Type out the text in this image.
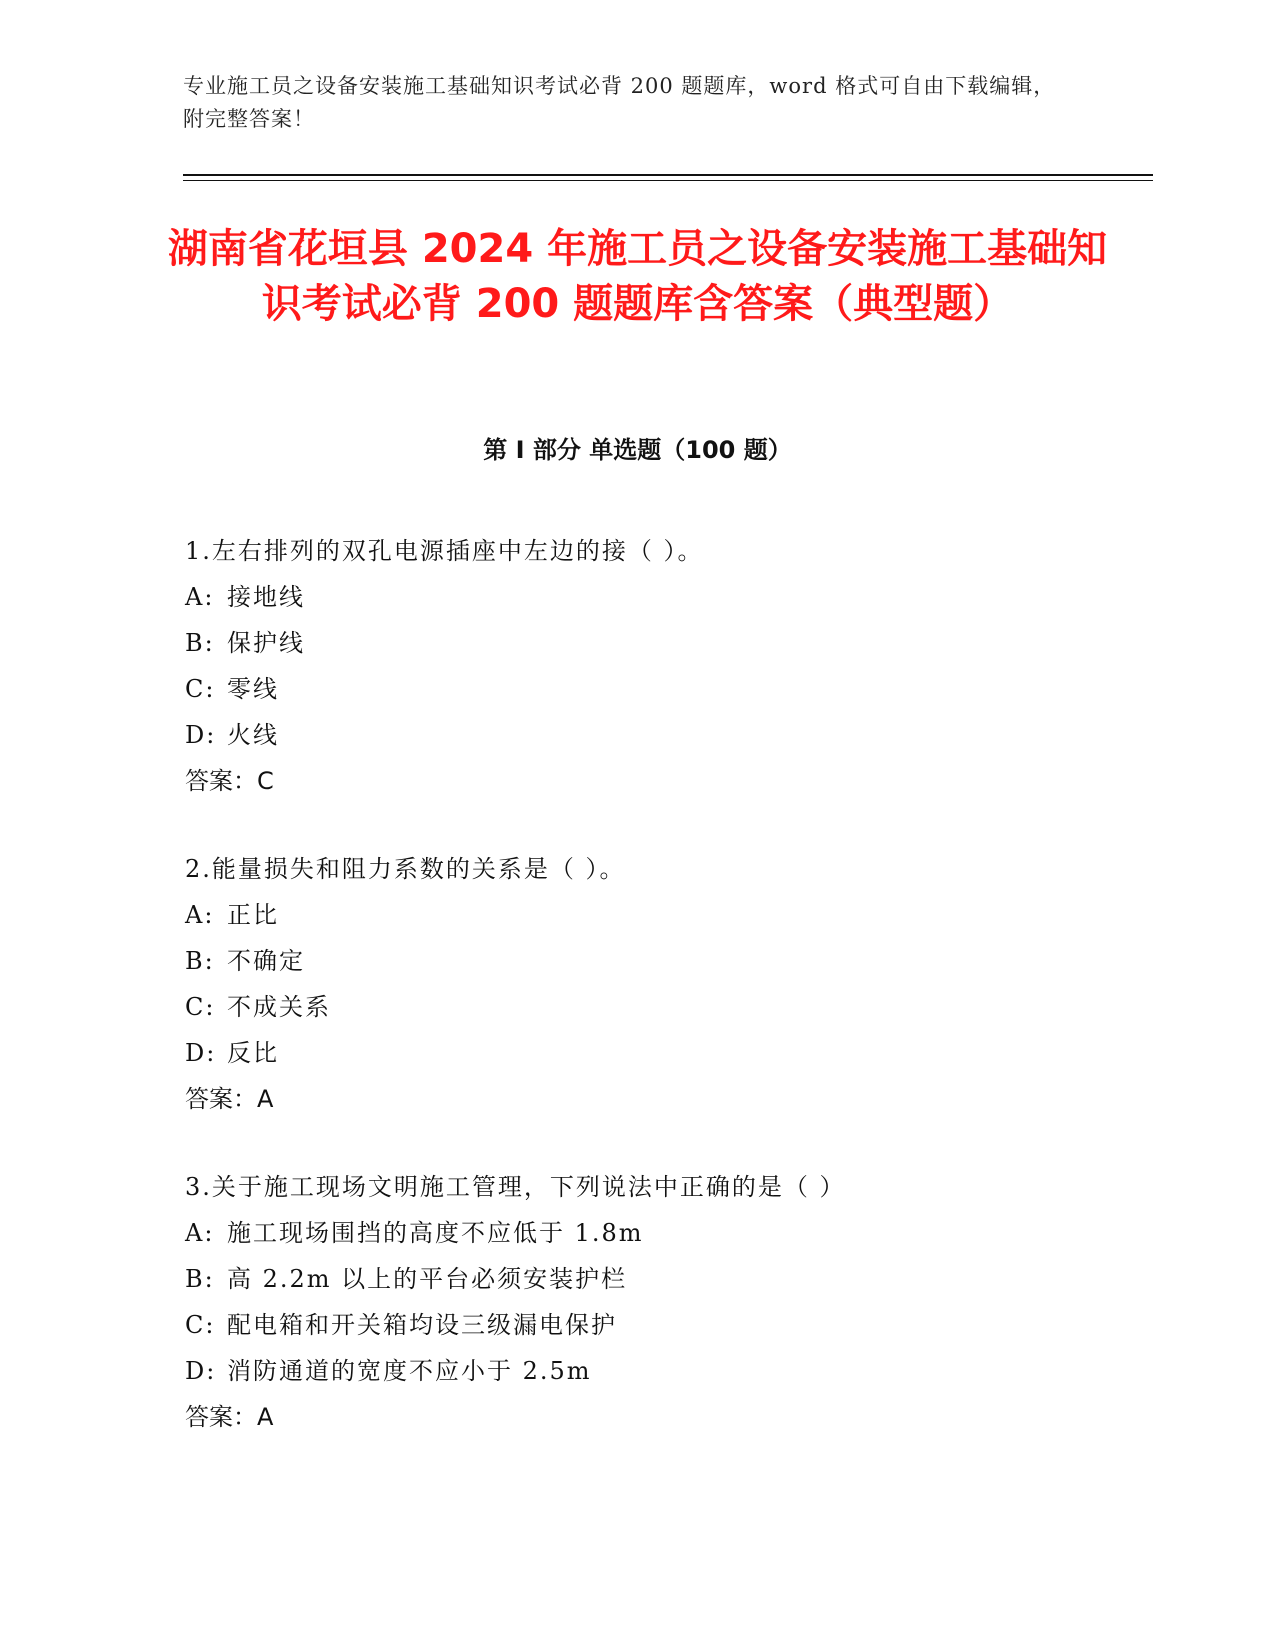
专业施工员之设备安装施工基础知识考试必背 200 题题库，word 格式可自由下载编辑，附完整答案！
湖南省花垣县 2024 年施工员之设备安装施工基础知识考试必背 200 题题库含答案（典型题）
第 I 部分 单选题（100 题）
1.左右排列的双孔电源插座中左边的接（ ）。
A: 接地线
B: 保护线
C: 零线
D: 火线
答案：C
2.能量损失和阻力系数的关系是（ ）。
A: 正比
B: 不确定
C: 不成关系
D: 反比
答案：A
3.关于施工现场文明施工管理，下列说法中正确的是（ ）
A: 施工现场围挡的高度不应低于 1.8m
B: 高 2.2m 以上的平台必须安装护栏
C: 配电箱和开关箱均设三级漏电保护
D: 消防通道的宽度不应小于 2.5m
答案：A
